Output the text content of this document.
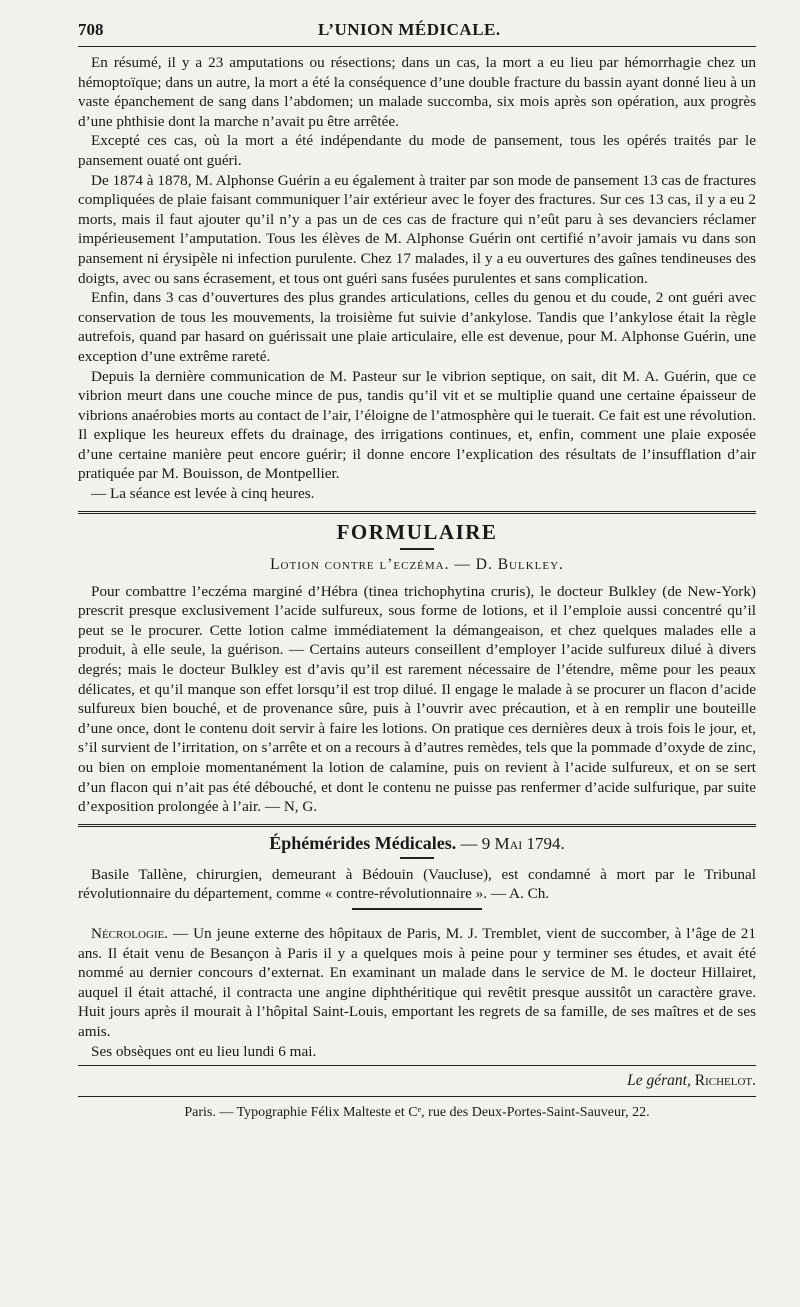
708	L’UNION MÉDICALE.

En résumé, il y a 23 amputations ou résections; dans un cas, la mort a eu lieu par hémorrhagie chez un hémoptoïque; dans un autre, la mort a été la conséquence d’une double fracture du bassin ayant donné lieu à un vaste épanchement de sang dans l’abdomen; un malade succomba, six mois après son opération, aux progrès d’une phthisie dont la marche n’avait pu être arrêtée.

Excepté ces cas, où la mort a été indépendante du mode de pansement, tous les opérés traités par le pansement ouaté ont guéri.

De 1874 à 1878, M. Alphonse Guérin a eu également à traiter par son mode de pansement 13 cas de fractures compliquées de plaie faisant communiquer l’air extérieur avec le foyer des fractures. Sur ces 13 cas, il y a eu 2 morts, mais il faut ajouter qu’il n’y a pas un de ces cas de fracture qui n’eût paru à ses devanciers réclamer impérieusement l’amputation. Tous les élèves de M. Alphonse Guérin ont certifié n’avoir jamais vu dans son pansement ni érysipèle ni infection purulente. Chez 17 malades, il y a eu ouvertures des gaînes tendineuses des doigts, avec ou sans écrasement, et tous ont guéri sans fusées purulentes et sans complication.

Enfin, dans 3 cas d’ouvertures des plus grandes articulations, celles du genou et du coude, 2 ont guéri avec conservation de tous les mouvements, la troisième fut suivie d’ankylose. Tandis que l’ankylose était la règle autrefois, quand par hasard on guérissait une plaie articulaire, elle est devenue, pour M. Alphonse Guérin, une exception d’une extrême rareté.

Depuis la dernière communication de M. Pasteur sur le vibrion septique, on sait, dit M. A. Guérin, que ce vibrion meurt dans une couche mince de pus, tandis qu’il vit et se multiplie quand une certaine épaisseur de vibrions anaérobies morts au contact de l’air, l’éloigne de l’atmosphère qui le tuerait. Ce fait est une révolution. Il explique les heureux effets du drainage, des irrigations continues, et, enfin, comment une plaie exposée d’une certaine manière peut encore guérir; il donne encore l’explication des résultats de l’insufflation d’air pratiquée par M. Bouisson, de Montpellier.

— La séance est levée à cinq heures.

FORMULAIRE
Lotion contre l’eczéma. — D. Bulkley.

Pour combattre l’eczéma marginé d’Hébra (tinea trichophytina cruris), le docteur Bulkley (de New-York) prescrit presque exclusivement l’acide sulfureux, sous forme de lotions, et il l’emploie aussi concentré qu’il peut se le procurer. Cette lotion calme immédiatement la démangeaison, et chez quelques malades elle a produit, à elle seule, la guérison. — Certains auteurs conseillent d’employer l’acide sulfureux dilué à divers degrés; mais le docteur Bulkley est d’avis qu’il est rarement nécessaire de l’étendre, même pour les peaux délicates, et qu’il manque son effet lorsqu’il est trop dilué. Il engage le malade à se procurer un flacon d’acide sulfureux bien bouché, et de provenance sûre, puis à l’ouvrir avec précaution, et à en remplir une bouteille d’une once, dont le contenu doit servir à faire les lotions. On pratique ces dernières deux à trois fois le jour, et, s’il survient de l’irritation, on s’arrête et on a recours à d’autres remèdes, tels que la pommade d’oxyde de zinc, ou bien on emploie momentanément la lotion de calamine, puis on revient à l’acide sulfureux, et on se sert d’un flacon qui n’ait pas été débouché, et dont le contenu ne puisse pas renfermer d’acide sulfurique, par suite d’exposition prolongée à l’air. — N, G.

Éphémérides Médicales. — 9 Mai 1794.

Basile Tallène, chirurgien, demeurant à Bédouin (Vaucluse), est condamné à mort par le Tribunal révolutionnaire du département, comme « contre-révolutionnaire ». — A. Ch.

Nécrologie. — Un jeune externe des hôpitaux de Paris, M. J. Tremblet, vient de succomber, à l’âge de 21 ans. Il était venu de Besançon à Paris il y a quelques mois à peine pour y terminer ses études, et avait été nommé au dernier concours d’externat. En examinant un malade dans le service de M. le docteur Hillairet, auquel il était attaché, il contracta une angine diphthéritique qui revêtit presque aussitôt un caractère grave. Huit jours après il mourait à l’hôpital Saint-Louis, emportant les regrets de sa famille, de ses maîtres et de ses amis.

Ses obsèques ont eu lieu lundi 6 mai.

Le gérant, Richelot.
Paris. — Typographie Félix Malteste et Cᵉ, rue des Deux-Portes-Saint-Sauveur, 22.
